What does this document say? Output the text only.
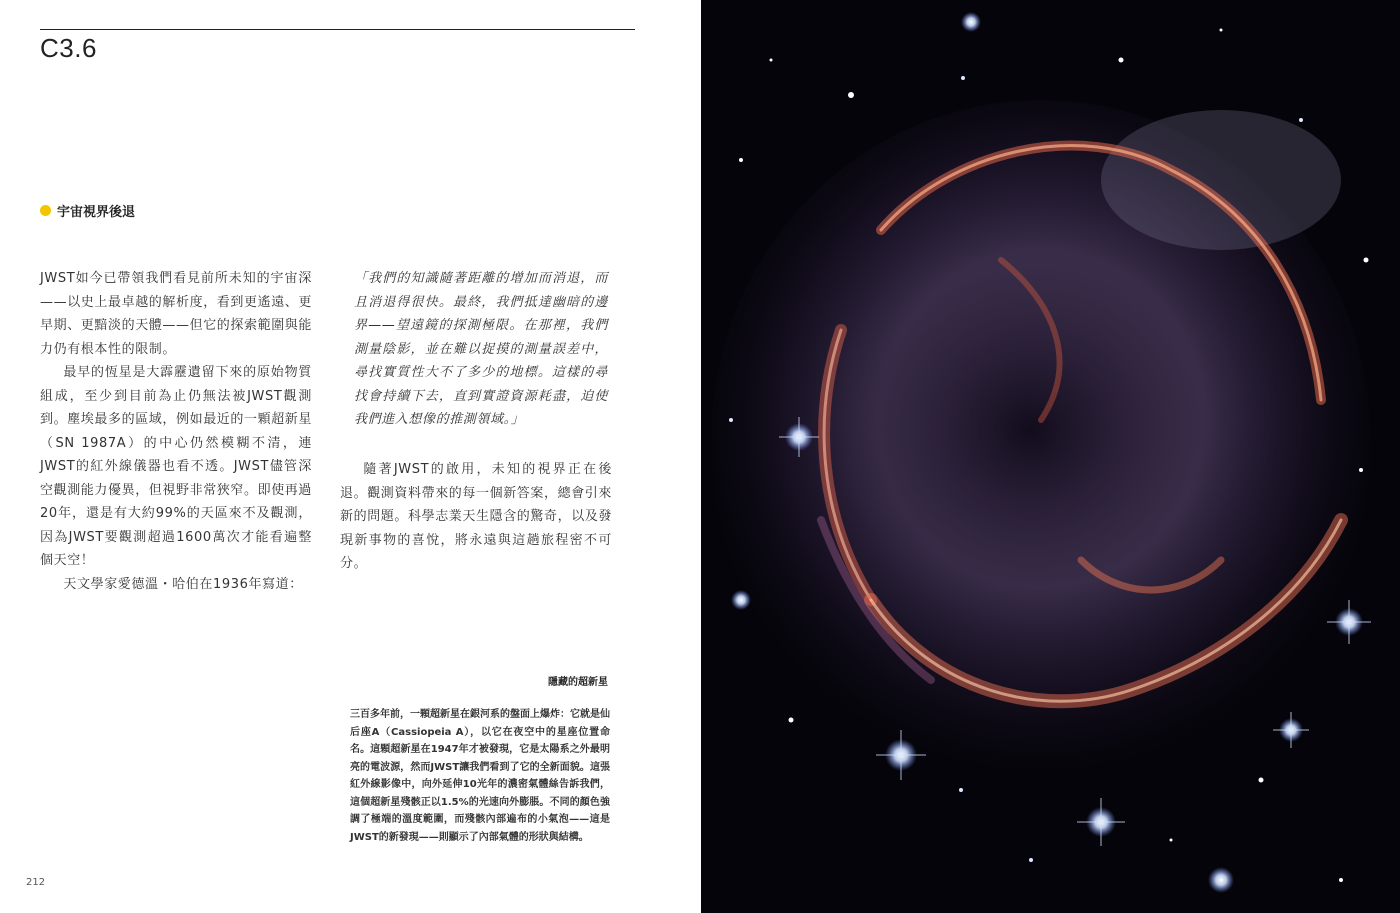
C3.6
宇宙視界後退

JWST如今已帶領我們看見前所未知的宇宙深——以史上最卓越的解析度，看到更遙遠、更早期、更黯淡的天體——但它的探索範圍與能力仍有根本性的限制。

最早的恆星是大霹靂遺留下來的原始物質組成，至少到目前為止仍無法被JWST觀測到。塵埃最多的區域，例如最近的一顆超新星（SN 1987A）的中心仍然模糊不清，連JWST的紅外線儀器也看不透。JWST儘管深空觀測能力優異，但視野非常狹窄。即使再過20年，還是有大約99%的天區來不及觀測，因為JWST要觀測超過1600萬次才能看遍整個天空！

天文學家愛德溫・哈伯在1936年寫道：

「我們的知識隨著距離的增加而消退，而且消退得很快。最終，我們抵達幽暗的邊界——望遠鏡的探測極限。在那裡，我們測量陰影，並在難以捉摸的測量誤差中，尋找實質性大不了多少的地標。這樣的尋找會持續下去，直到實證資源耗盡，迫使我們進入想像的推測領域。」

隨著JWST的啟用，未知的視界正在後退。觀測資料帶來的每一個新答案，總會引來新的問題。科學志業天生隱含的驚奇，以及發現新事物的喜悅，將永遠與這趟旅程密不可分。

隱藏的超新星
三百多年前，一顆超新星在銀河系的盤面上爆炸：它就是仙后座A（Cassiopeia A），以它在夜空中的星座位置命名。這顆超新星在1947年才被發現，它是太陽系之外最明亮的電波源，然而JWST讓我們看到了它的全新面貌。這張紅外線影像中，向外延伸10光年的濃密氣體絲告訴我們，這個超新星殘骸正以1.5%的光速向外膨脹。不同的顏色強調了極端的溫度範圍，而殘骸內部遍布的小氣泡——這是JWST的新發現——則顯示了內部氣體的形狀與結構。
212
